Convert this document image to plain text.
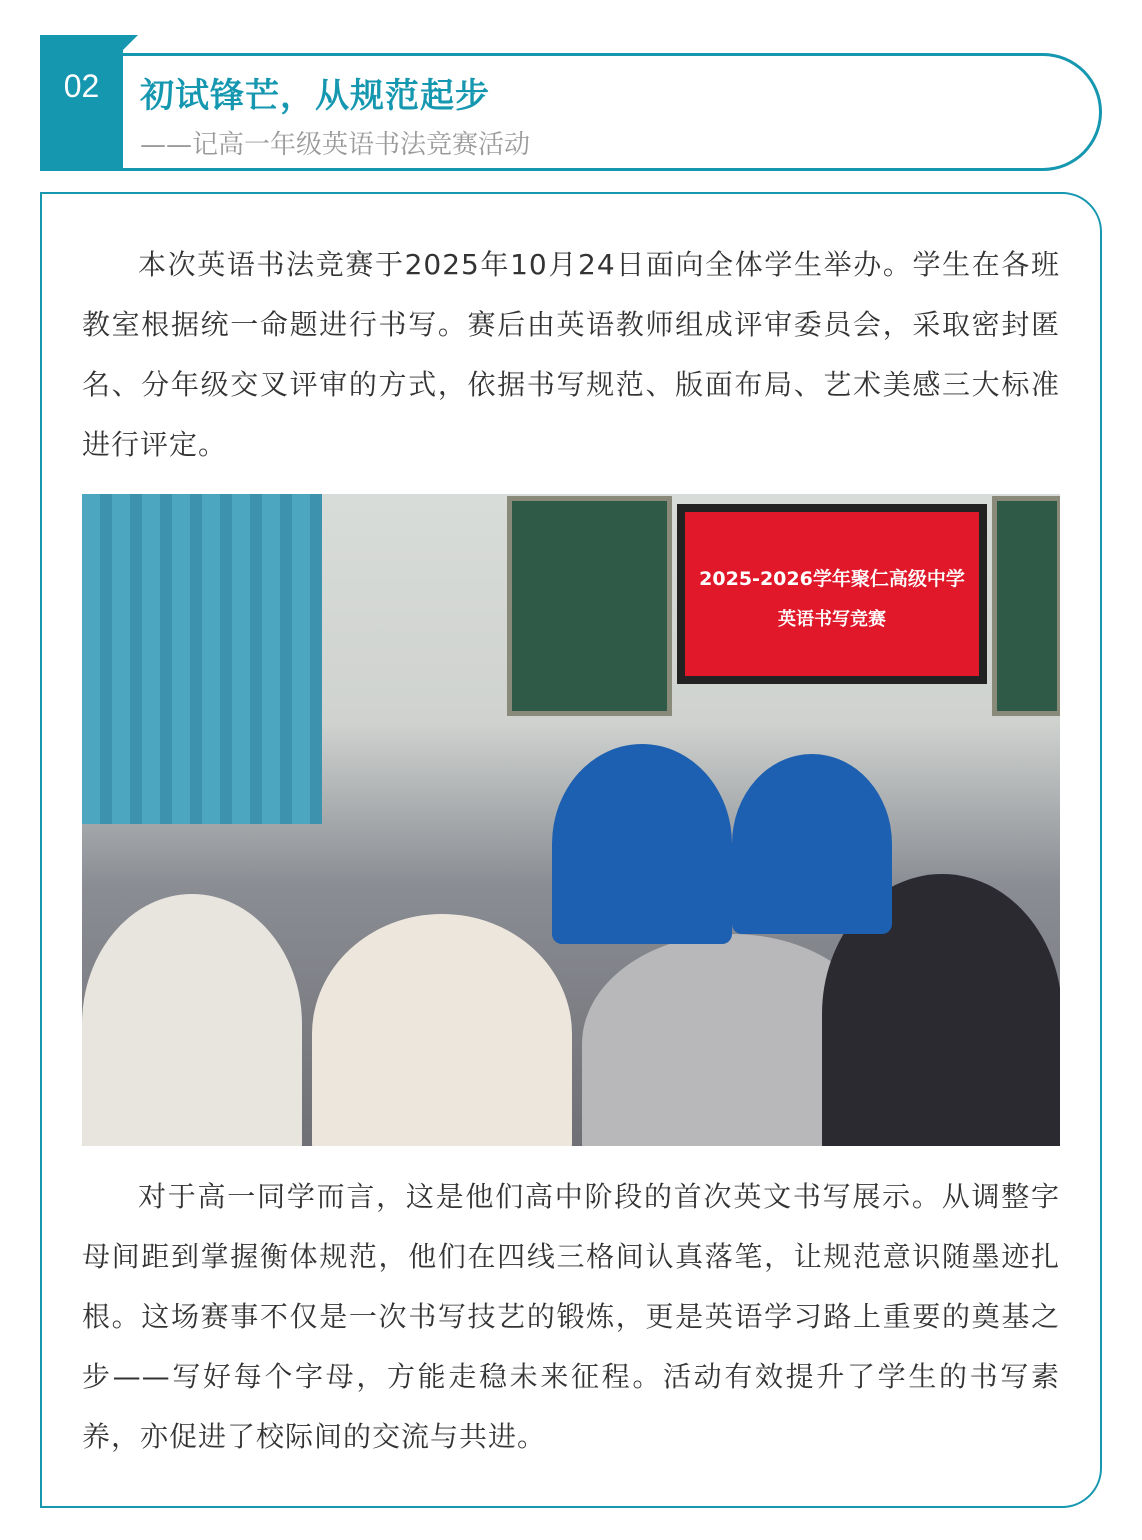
02	初试锋芒，从规范起步
——记高一年级英语书法竞赛活动

本次英语书法竞赛于2025年10月24日面向全体学生举办。学生在各班教室根据统一命题进行书写。赛后由英语教师组成评审委员会，采取密封匿名、分年级交叉评审的方式，依据书写规范、版面布局、艺术美感三大标准进行评定。

2025-2026学年聚仁高级中学
英语书写竞赛

对于高一同学而言，这是他们高中阶段的首次英文书写展示。从调整字母间距到掌握衡体规范，他们在四线三格间认真落笔，让规范意识随墨迹扎根。这场赛事不仅是一次书写技艺的锻炼，更是英语学习路上重要的奠基之步——写好每个字母，方能走稳未来征程。活动有效提升了学生的书写素养，亦促进了校际间的交流与共进。
